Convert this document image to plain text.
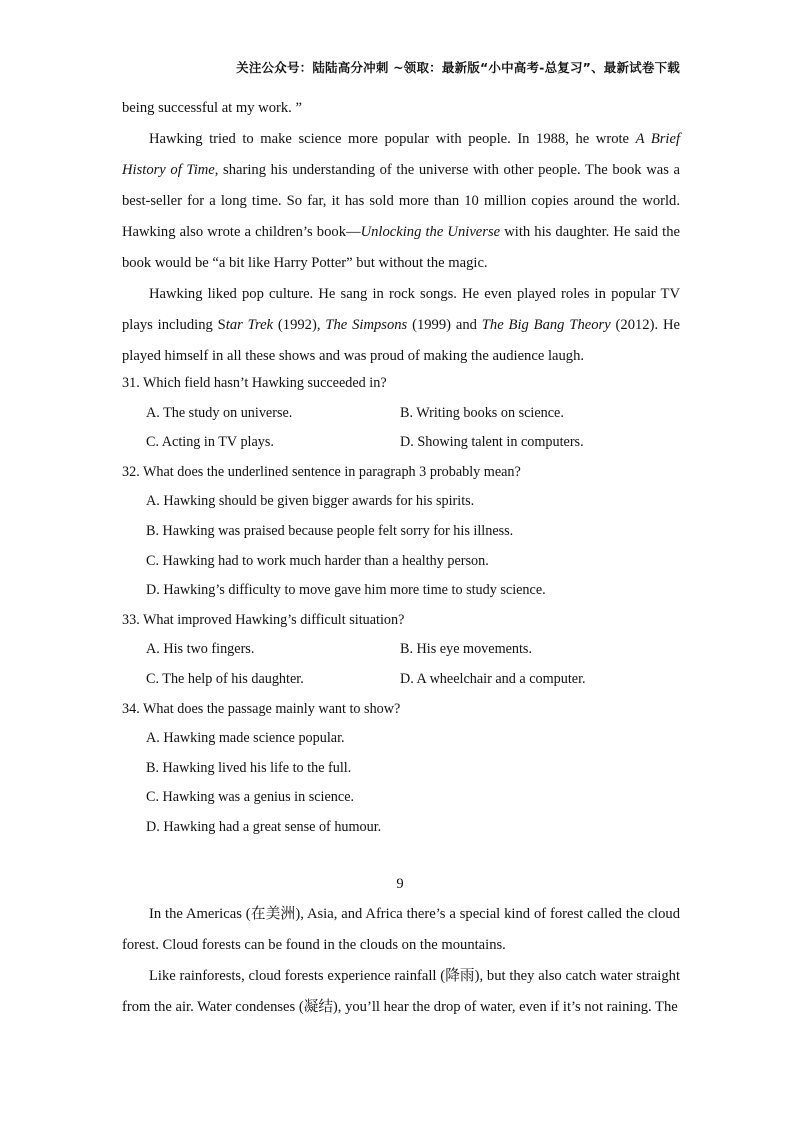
关注公众号：陆陆高分冲刺 ~领取：最新版“小中高考-总复习”、最新试卷下载

being successful at my work. ”

Hawking tried to make science more popular with people. In 1988, he wrote A Brief History of Time, sharing his understanding of the universe with other people. The book was a best-seller for a long time. So far, it has sold more than 10 million copies around the world. Hawking also wrote a children’s book—Unlocking the Universe with his daughter. He said the book would be “a bit like Harry Potter” but without the magic.

Hawking liked pop culture. He sang in rock songs. He even played roles in popular TV plays including Star Trek (1992), The Simpsons (1999) and The Big Bang Theory (2012). He played himself in all these shows and was proud of making the audience laugh.

31. Which field hasn’t Hawking succeeded in?
A. The study on universe.	B. Writing books on science.
C. Acting in TV plays.	D. Showing talent in computers.
32. What does the underlined sentence in paragraph 3 probably mean?
A. Hawking should be given bigger awards for his spirits.
B. Hawking was praised because people felt sorry for his illness.
C. Hawking had to work much harder than a healthy person.
D. Hawking’s difficulty to move gave him more time to study science.
33. What improved Hawking’s difficult situation?
A. His two fingers.	B. His eye movements.
C. The help of his daughter.	D. A wheelchair and a computer.
34. What does the passage mainly want to show?
A. Hawking made science popular.
B. Hawking lived his life to the full.
C. Hawking was a genius in science.
D. Hawking had a great sense of humour.
9

In the Americas (在美洲), Asia, and Africa there’s a special kind of forest called the cloud forest. Cloud forests can be found in the clouds on the mountains.

Like rainforests, cloud forests experience rainfall (降雨), but they also catch water straight from the air. Water condenses (凝结), you’ll hear the drop of water, even if it’s not raining. The
